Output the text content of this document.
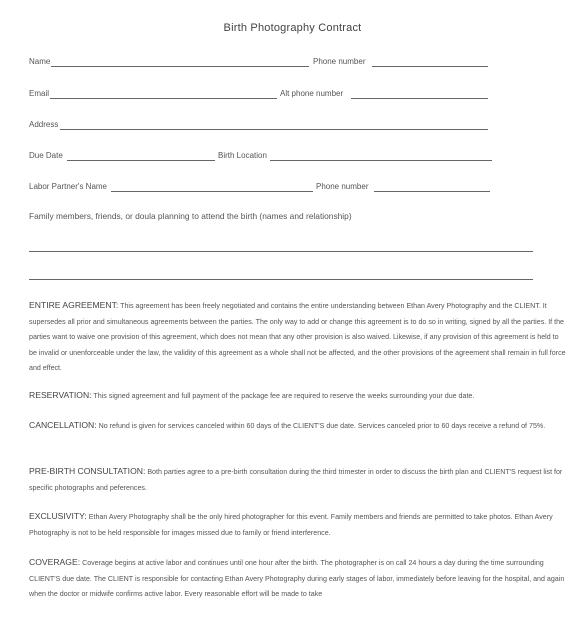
Birth Photography Contract
Name	Phone number
Email	Alt phone number
Address
Due Date	Birth Location
Labor Partner's Name	Phone number
Family members, friends, or doula planning to attend the birth (names and relationship)

ENTIRE AGREEMENT: This agreement has been freely negotiated and contains the entire understanding between Ethan Avery Photography and the CLIENT. It supersedes all prior and simultaneous agreements between the parties. The only way to add or change this agreement is to do so in writing, signed by all the parties. If the parties want to waive one provision of this agreement, which does not mean that any other provision is also waived. Likewise, if any provision of this agreement is held to be invalid or unenforceable under the law, the validity of this agreement as a whole shall not be affected, and the other provisions of the agreement shall remain in full force and effect.

RESERVATION: This signed agreement and full payment of the package fee are required to reserve the weeks surrounding your due date.

CANCELLATION: No refund is given for services canceled within 60 days of the CLIENT'S due date. Services canceled prior to 60 days receive a refund of 75%.

PRE-BIRTH CONSULTATION: Both parties agree to a pre-birth consultation during the third trimester in order to discuss the birth plan and CLIENT'S request list for specific photographs and peferences.

EXCLUSIVITY: Ethan Avery Photography shall be the only hired photographer for this event. Family members and friends are permitted to take photos. Ethan Avery Photography is not to be held responsible for images missed due to family or friend interference.

COVERAGE: Coverage begins at active labor and continues until one hour after the birth. The photographer is on call 24 hours a day during the time surrounding CLIENT'S due date. The CLIENT is responsible for contacting Ethan Avery Photography during early stages of labor, immediately before leaving for the hospital, and again when the doctor or midwife confirms active labor. Every reasonable effort will be made to take
